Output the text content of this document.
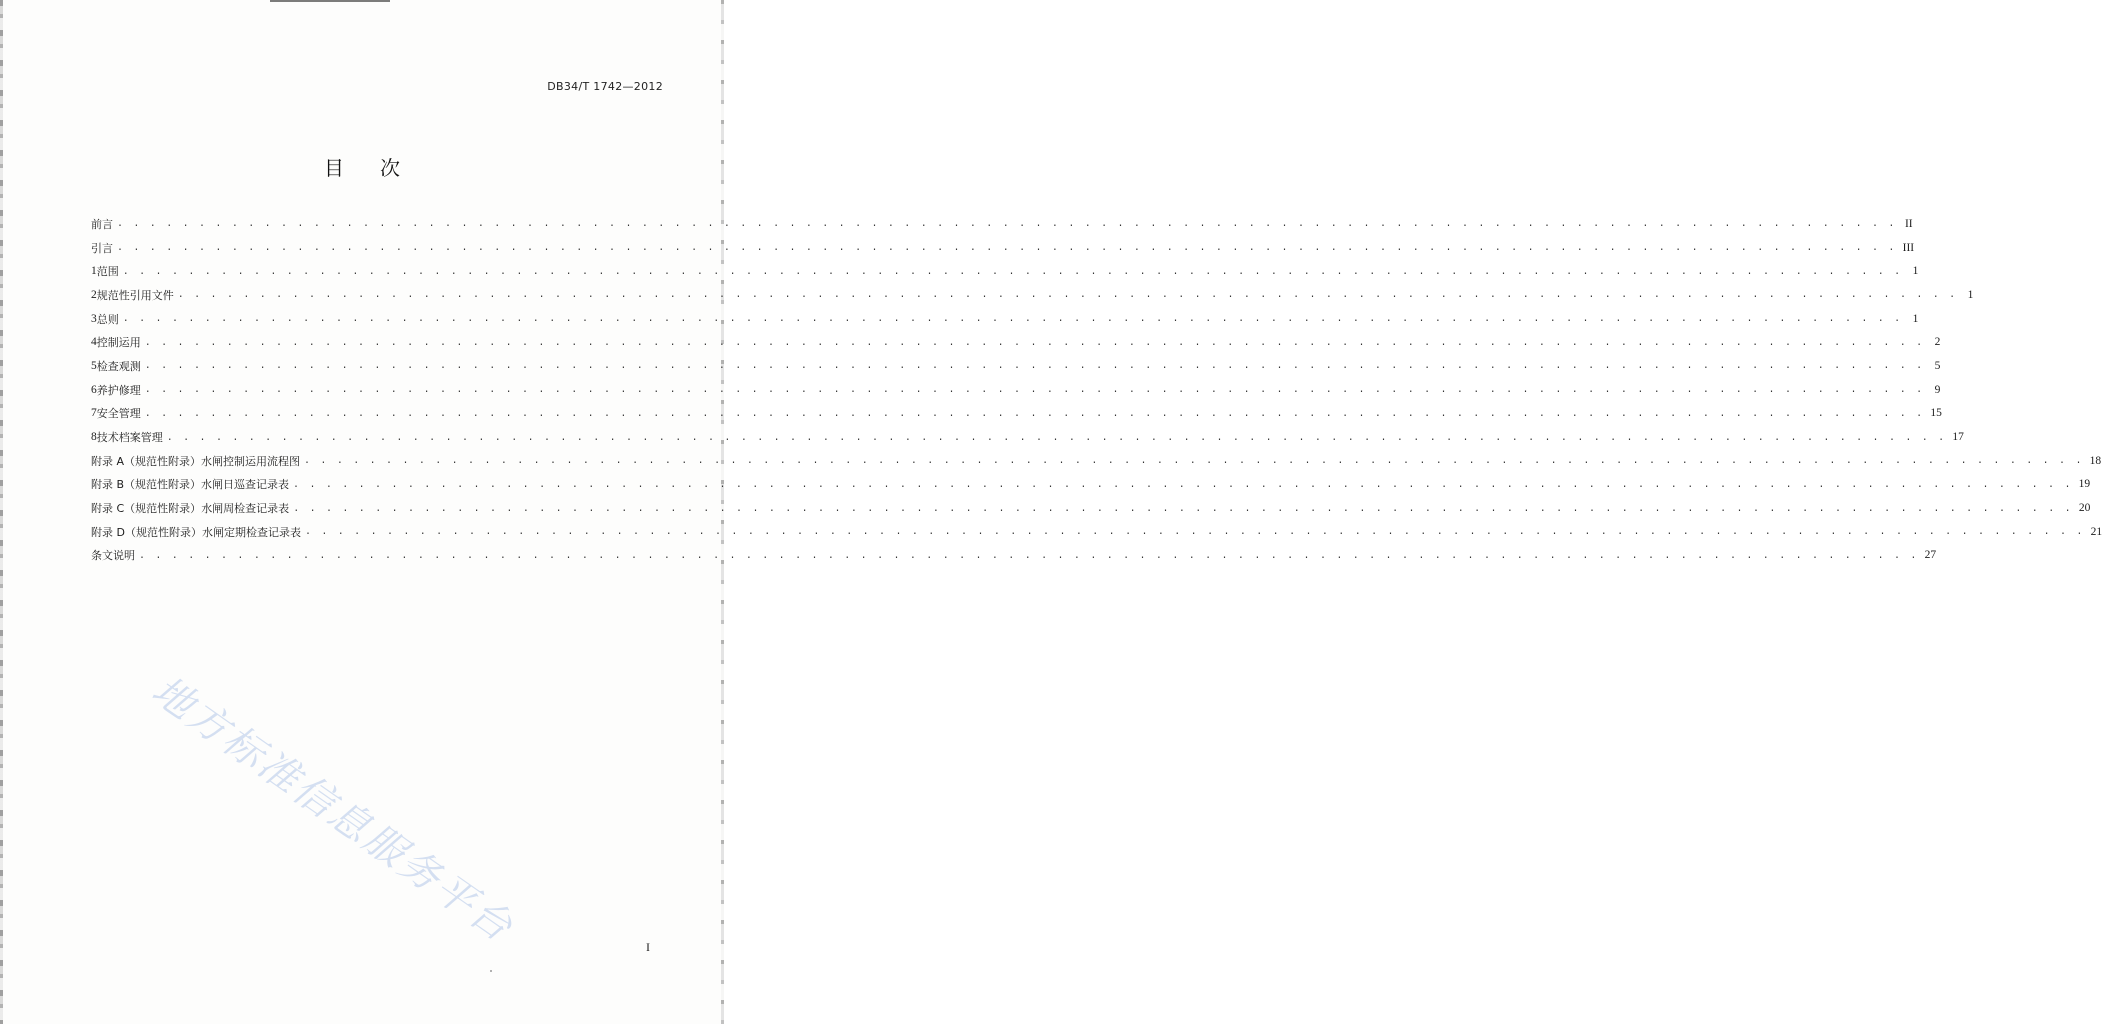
DB34/T 1742—2012
目 次
前言 . . . . . . . . . . . . . . . . . . . . . . . . . . . . . . . . . . . . . . . . . . . . . . . . . . . . . . . . . . . . . . . . . . . . . . . . . . . . . . . . . . . . . . . . . . . . . . . . . . . . . . . . . . . . . II
引言 . . . . . . . . . . . . . . . . . . . . . . . . . . . . . . . . . . . . . . . . . . . . . . . . . . . . . . . . . . . . . . . . . . . . . . . . . . . . . . . . . . . . . . . . . . . . . . . . . . . . . . . . . . . . . III
1 范围 . . . . . . . . . . . . . . . . . . . . . . . . . . . . . . . . . . . . . . . . . . . . . . . . . . . . . . . . . . . . . . . . . . . . . . . . . . . . . . . . . . . . . . . . . . . . . . . . . . . . . . . . . . . . . 1
2 规范性引用文件 . . . . . . . . . . . . . . . . . . . . . . . . . . . . . . . . . . . . . . . . . . . . . . . . . . . . . . . . . . . . . . . . . . . . . . . . . . . . . . . . . . . . . . . . . . . . . . . . . . . . . . . . . . . . . 1
3 总则 . . . . . . . . . . . . . . . . . . . . . . . . . . . . . . . . . . . . . . . . . . . . . . . . . . . . . . . . . . . . . . . . . . . . . . . . . . . . . . . . . . . . . . . . . . . . . . . . . . . . . . . . . . . . . 1
4 控制运用 . . . . . . . . . . . . . . . . . . . . . . . . . . . . . . . . . . . . . . . . . . . . . . . . . . . . . . . . . . . . . . . . . . . . . . . . . . . . . . . . . . . . . . . . . . . . . . . . . . . . . . . . . . . . . 2
5 检查观测 . . . . . . . . . . . . . . . . . . . . . . . . . . . . . . . . . . . . . . . . . . . . . . . . . . . . . . . . . . . . . . . . . . . . . . . . . . . . . . . . . . . . . . . . . . . . . . . . . . . . . . . . . . . . . 5
6 养护修理 . . . . . . . . . . . . . . . . . . . . . . . . . . . . . . . . . . . . . . . . . . . . . . . . . . . . . . . . . . . . . . . . . . . . . . . . . . . . . . . . . . . . . . . . . . . . . . . . . . . . . . . . . . . . . 9
7 安全管理 . . . . . . . . . . . . . . . . . . . . . . . . . . . . . . . . . . . . . . . . . . . . . . . . . . . . . . . . . . . . . . . . . . . . . . . . . . . . . . . . . . . . . . . . . . . . . . . . . . . . . . . . . . . . . 15
8 技术档案管理 . . . . . . . . . . . . . . . . . . . . . . . . . . . . . . . . . . . . . . . . . . . . . . . . . . . . . . . . . . . . . . . . . . . . . . . . . . . . . . . . . . . . . . . . . . . . . . . . . . . . . . . . . . . . . 17
附录 A（规范性附录） 水闸控制运用流程图 . . . . . . . . . . . . . . . . . . . . . . . . . . . . . . . . . . . . . . . . . . . . . . . . . . . . . . . . . . . . . . . . . . . . . . . . . . . . . . . . . . . . . . . . . . . . . . . . . . . . . . . . . . . . . 18
附录 B（规范性附录） 水闸日巡查记录表 . . . . . . . . . . . . . . . . . . . . . . . . . . . . . . . . . . . . . . . . . . . . . . . . . . . . . . . . . . . . . . . . . . . . . . . . . . . . . . . . . . . . . . . . . . . . . . . . . . . . . . . . . . . . . 19
附录 C（规范性附录） 水闸周检查记录表 . . . . . . . . . . . . . . . . . . . . . . . . . . . . . . . . . . . . . . . . . . . . . . . . . . . . . . . . . . . . . . . . . . . . . . . . . . . . . . . . . . . . . . . . . . . . . . . . . . . . . . . . . . . . . 20
附录 D（规范性附录） 水闸定期检查记录表 . . . . . . . . . . . . . . . . . . . . . . . . . . . . . . . . . . . . . . . . . . . . . . . . . . . . . . . . . . . . . . . . . . . . . . . . . . . . . . . . . . . . . . . . . . . . . . . . . . . . . . . . . . . . . 21
条文说明 . . . . . . . . . . . . . . . . . . . . . . . . . . . . . . . . . . . . . . . . . . . . . . . . . . . . . . . . . . . . . . . . . . . . . . . . . . . . . . . . . . . . . . . . . . . . . . . . . . . . . . . . . . . . . 27
地方标准信息服务平台	I
